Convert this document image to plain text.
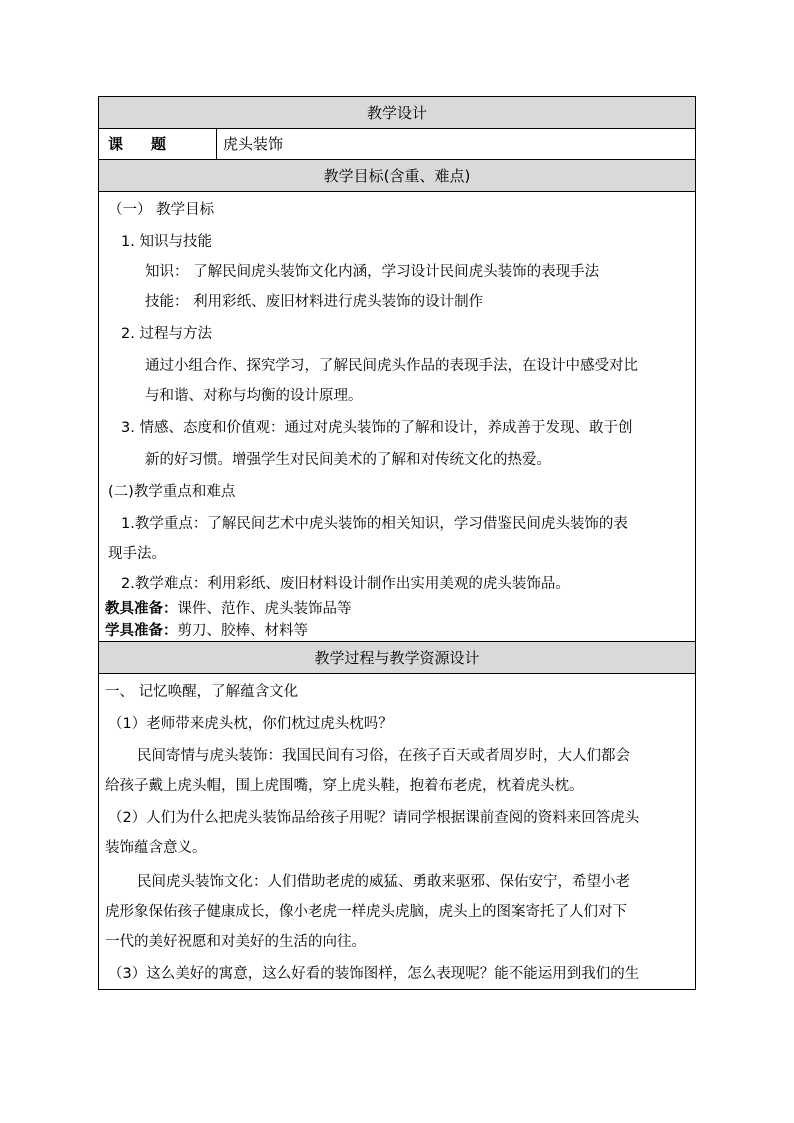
教学设计
课 题	虎头装饰
教学目标(含重、难点)
（一） 教学目标
1. 知识与技能
知识： 了解民间虎头装饰文化内涵，学习设计民间虎头装饰的表现手法
技能： 利用彩纸、废旧材料进行虎头装饰的设计制作
2. 过程与方法
通过小组合作、探究学习，了解民间虎头作品的表现手法，在设计中感受对比
与和谐、对称与均衡的设计原理。
3. 情感、态度和价值观：通过对虎头装饰的了解和设计，养成善于发现、敢于创
新的好习惯。增强学生对民间美术的了解和对传统文化的热爱。
(二)教学重点和难点
1.教学重点：了解民间艺术中虎头装饰的相关知识，学习借鉴民间虎头装饰的表
现手法。
2.教学难点：利用彩纸、废旧材料设计制作出实用美观的虎头装饰品。
教具准备：课件、范作、虎头装饰品等
学具准备：剪刀、胶棒、材料等
教学过程与教学资源设计
一、 记忆唤醒，了解蕴含文化
（1）老师带来虎头枕，你们枕过虎头枕吗？
民间寄情与虎头装饰：我国民间有习俗，在孩子百天或者周岁时，大人们都会
给孩子戴上虎头帽，围上虎围嘴，穿上虎头鞋，抱着布老虎，枕着虎头枕。
（2）人们为什么把虎头装饰品给孩子用呢？请同学根据课前查阅的资料来回答虎头
装饰蕴含意义。
民间虎头装饰文化：人们借助老虎的威猛、勇敢来驱邪、保佑安宁，希望小老
虎形象保佑孩子健康成长，像小老虎一样虎头虎脑，虎头上的图案寄托了人们对下
一代的美好祝愿和对美好的生活的向往。
（3）这么美好的寓意，这么好看的装饰图样，怎么表现呢？能不能运用到我们的生
